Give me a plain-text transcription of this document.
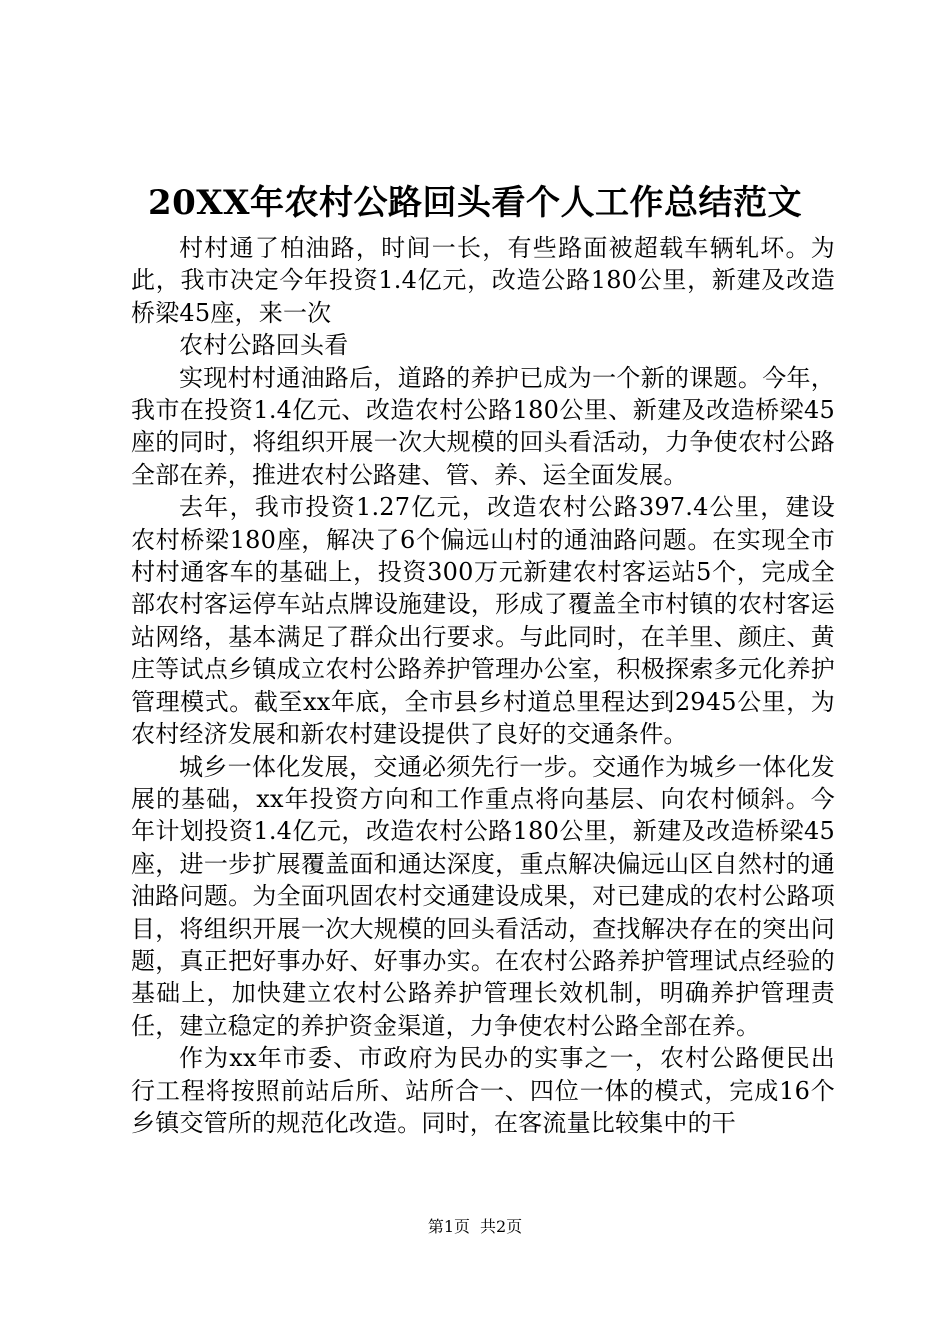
20XX年农村公路回头看个人工作总结范文

村村通了柏油路，时间一长，有些路面被超载车辆轧坏。为此，我市决定今年投资1.4亿元，改造公路180公里，新建及改造桥梁45座，来一次

农村公路回头看

实现村村通油路后，道路的养护已成为一个新的课题。今年，我市在投资1.4亿元、改造农村公路180公里、新建及改造桥梁45座的同时，将组织开展一次大规模的回头看活动，力争使农村公路全部在养，推进农村公路建、管、养、运全面发展。

去年，我市投资1.27亿元，改造农村公路397.4公里，建设农村桥梁180座，解决了6个偏远山村的通油路问题。在实现全市村村通客车的基础上，投资300万元新建农村客运站5个，完成全部农村客运停车站点牌设施建设，形成了覆盖全市村镇的农村客运站网络，基本满足了群众出行要求。与此同时，在羊里、颜庄、黄庄等试点乡镇成立农村公路养护管理办公室，积极探索多元化养护管理模式。截至xx年底，全市县乡村道总里程达到2945公里，为农村经济发展和新农村建设提供了良好的交通条件。

城乡一体化发展，交通必须先行一步。交通作为城乡一体化发展的基础，xx年投资方向和工作重点将向基层、向农村倾斜。今年计划投资1.4亿元，改造农村公路180公里，新建及改造桥梁45座，进一步扩展覆盖面和通达深度，重点解决偏远山区自然村的通油路问题。为全面巩固农村交通建设成果，对已建成的农村公路项目，将组织开展一次大规模的回头看活动，查找解决存在的突出问题，真正把好事办好、好事办实。在农村公路养护管理试点经验的基础上，加快建立农村公路养护管理长效机制，明确养护管理责任，建立稳定的养护资金渠道，力争使农村公路全部在养。

作为xx年市委、市政府为民办的实事之一，农村公路便民出行工程将按照前站后所、站所合一、四位一体的模式，完成16个乡镇交管所的规范化改造。同时，在客流量比较集中的干

第1页 共2页
